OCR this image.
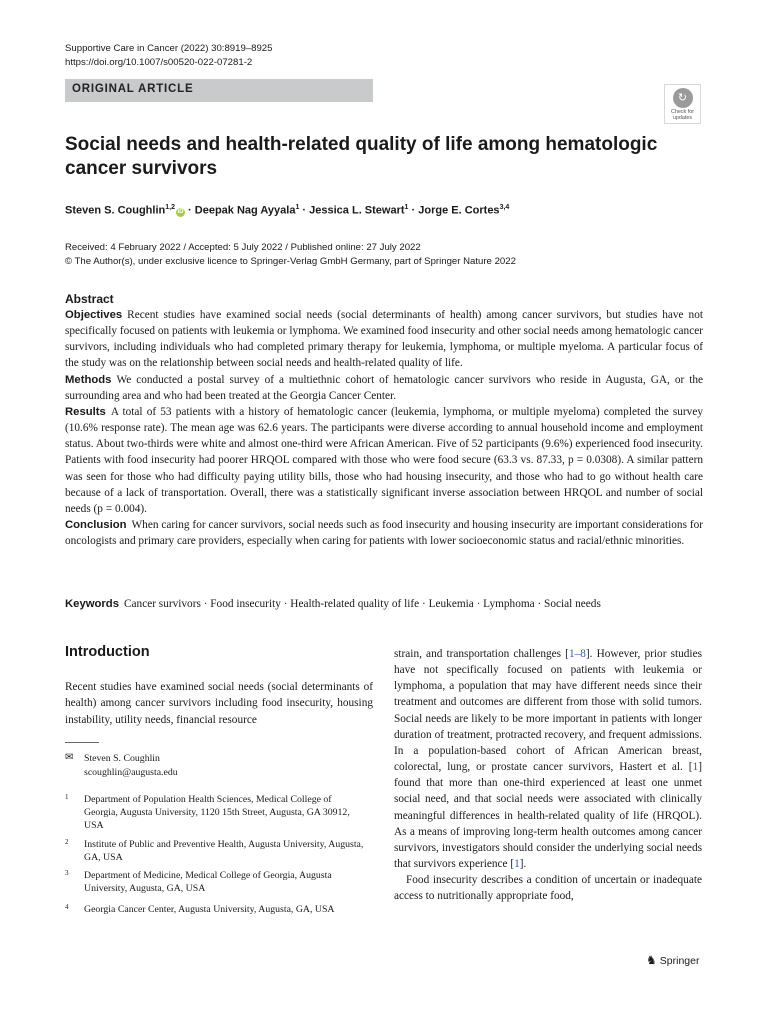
Supportive Care in Cancer (2022) 30:8919–8925
https://doi.org/10.1007/s00520-022-07281-2
ORIGINAL ARTICLE
↻
Check for updates
Social needs and health-related quality of life among hematologic cancer survivors
Steven S. Coughlin$^{1,2}$iD · Deepak Nag Ayyala$^1$ · Jessica L. Stewart$^1$ · Jorge E. Cortes$^{3,4}$
Received: 4 February 2022 / Accepted: 5 July 2022 / Published online: 27 July 2022
© The Author(s), under exclusive licence to Springer-Verlag GmbH Germany, part of Springer Nature 2022
Abstract
Objectives Recent studies have examined social needs (social determinants of health) among cancer survivors, but studies have not specifically focused on patients with leukemia or lymphoma. We examined food insecurity and other social needs among hematologic cancer survivors, including individuals who had completed primary therapy for leukemia, lymphoma, or multiple myeloma. A particular focus of the study was on the relationship between social needs and health-related quality of life.
Methods We conducted a postal survey of a multiethnic cohort of hematologic cancer survivors who reside in Augusta, GA, or the surrounding area and who had been treated at the Georgia Cancer Center.
Results A total of 53 patients with a history of hematologic cancer (leukemia, lymphoma, or multiple myeloma) completed the survey (10.6% response rate). The mean age was 62.6 years. The participants were diverse according to annual household income and employment status. About two-thirds were white and almost one-third were African American. Five of 52 participants (9.6%) experienced food insecurity. Patients with food insecurity had poorer HRQOL compared with those who were food secure (63.3 vs. 87.33, p = 0.0308). A similar pattern was seen for those who had difficulty paying utility bills, those who had housing insecurity, and those who had to go without health care because of a lack of transportation. Overall, there was a statistically significant inverse association between HRQOL and number of social needs (p = 0.004).
Conclusion When caring for cancer survivors, social needs such as food insecurity and housing insecurity are important considerations for oncologists and primary care providers, especially when caring for patients with lower socioeconomic status and racial/ethnic minorities.
Keywords Cancer survivors · Food insecurity · Health-related quality of life · Leukemia · Lymphoma · Social needs
Introduction

Recent studies have examined social needs (social determinants of health) among cancer survivors including food insecurity, housing instability, utility needs, financial resource

✉ Steven S. Coughlin
scoughlin@augusta.edu
1 Department of Population Health Sciences, Medical College of Georgia, Augusta University, 1120 15th Street, Augusta, GA 30912, USA
2 Institute of Public and Preventive Health, Augusta University, Augusta, GA, USA
3 Department of Medicine, Medical College of Georgia, Augusta University, Augusta, GA, USA
4 Georgia Cancer Center, Augusta University, Augusta, GA, USA

strain, and transportation challenges [1–8]. However, prior studies have not specifically focused on patients with leukemia or lymphoma, a population that may have different needs since their treatment and outcomes are different from those with solid tumors. Social needs are likely to be more important in patients with longer duration of treatment, protracted recovery, and frequent admissions. In a population-based cohort of African American breast, colorectal, lung, or prostate cancer survivors, Hastert et al. [1] found that more than one-third experienced at least one unmet social need, and that social needs were associated with clinically meaningful differences in health-related quality of life (HRQOL). As a means of improving long-term health outcomes among cancer survivors, investigators should consider the underlying social needs that survivors experience [1].

Food insecurity describes a condition of uncertain or inadequate access to nutritionally appropriate food,

♞ Springer
